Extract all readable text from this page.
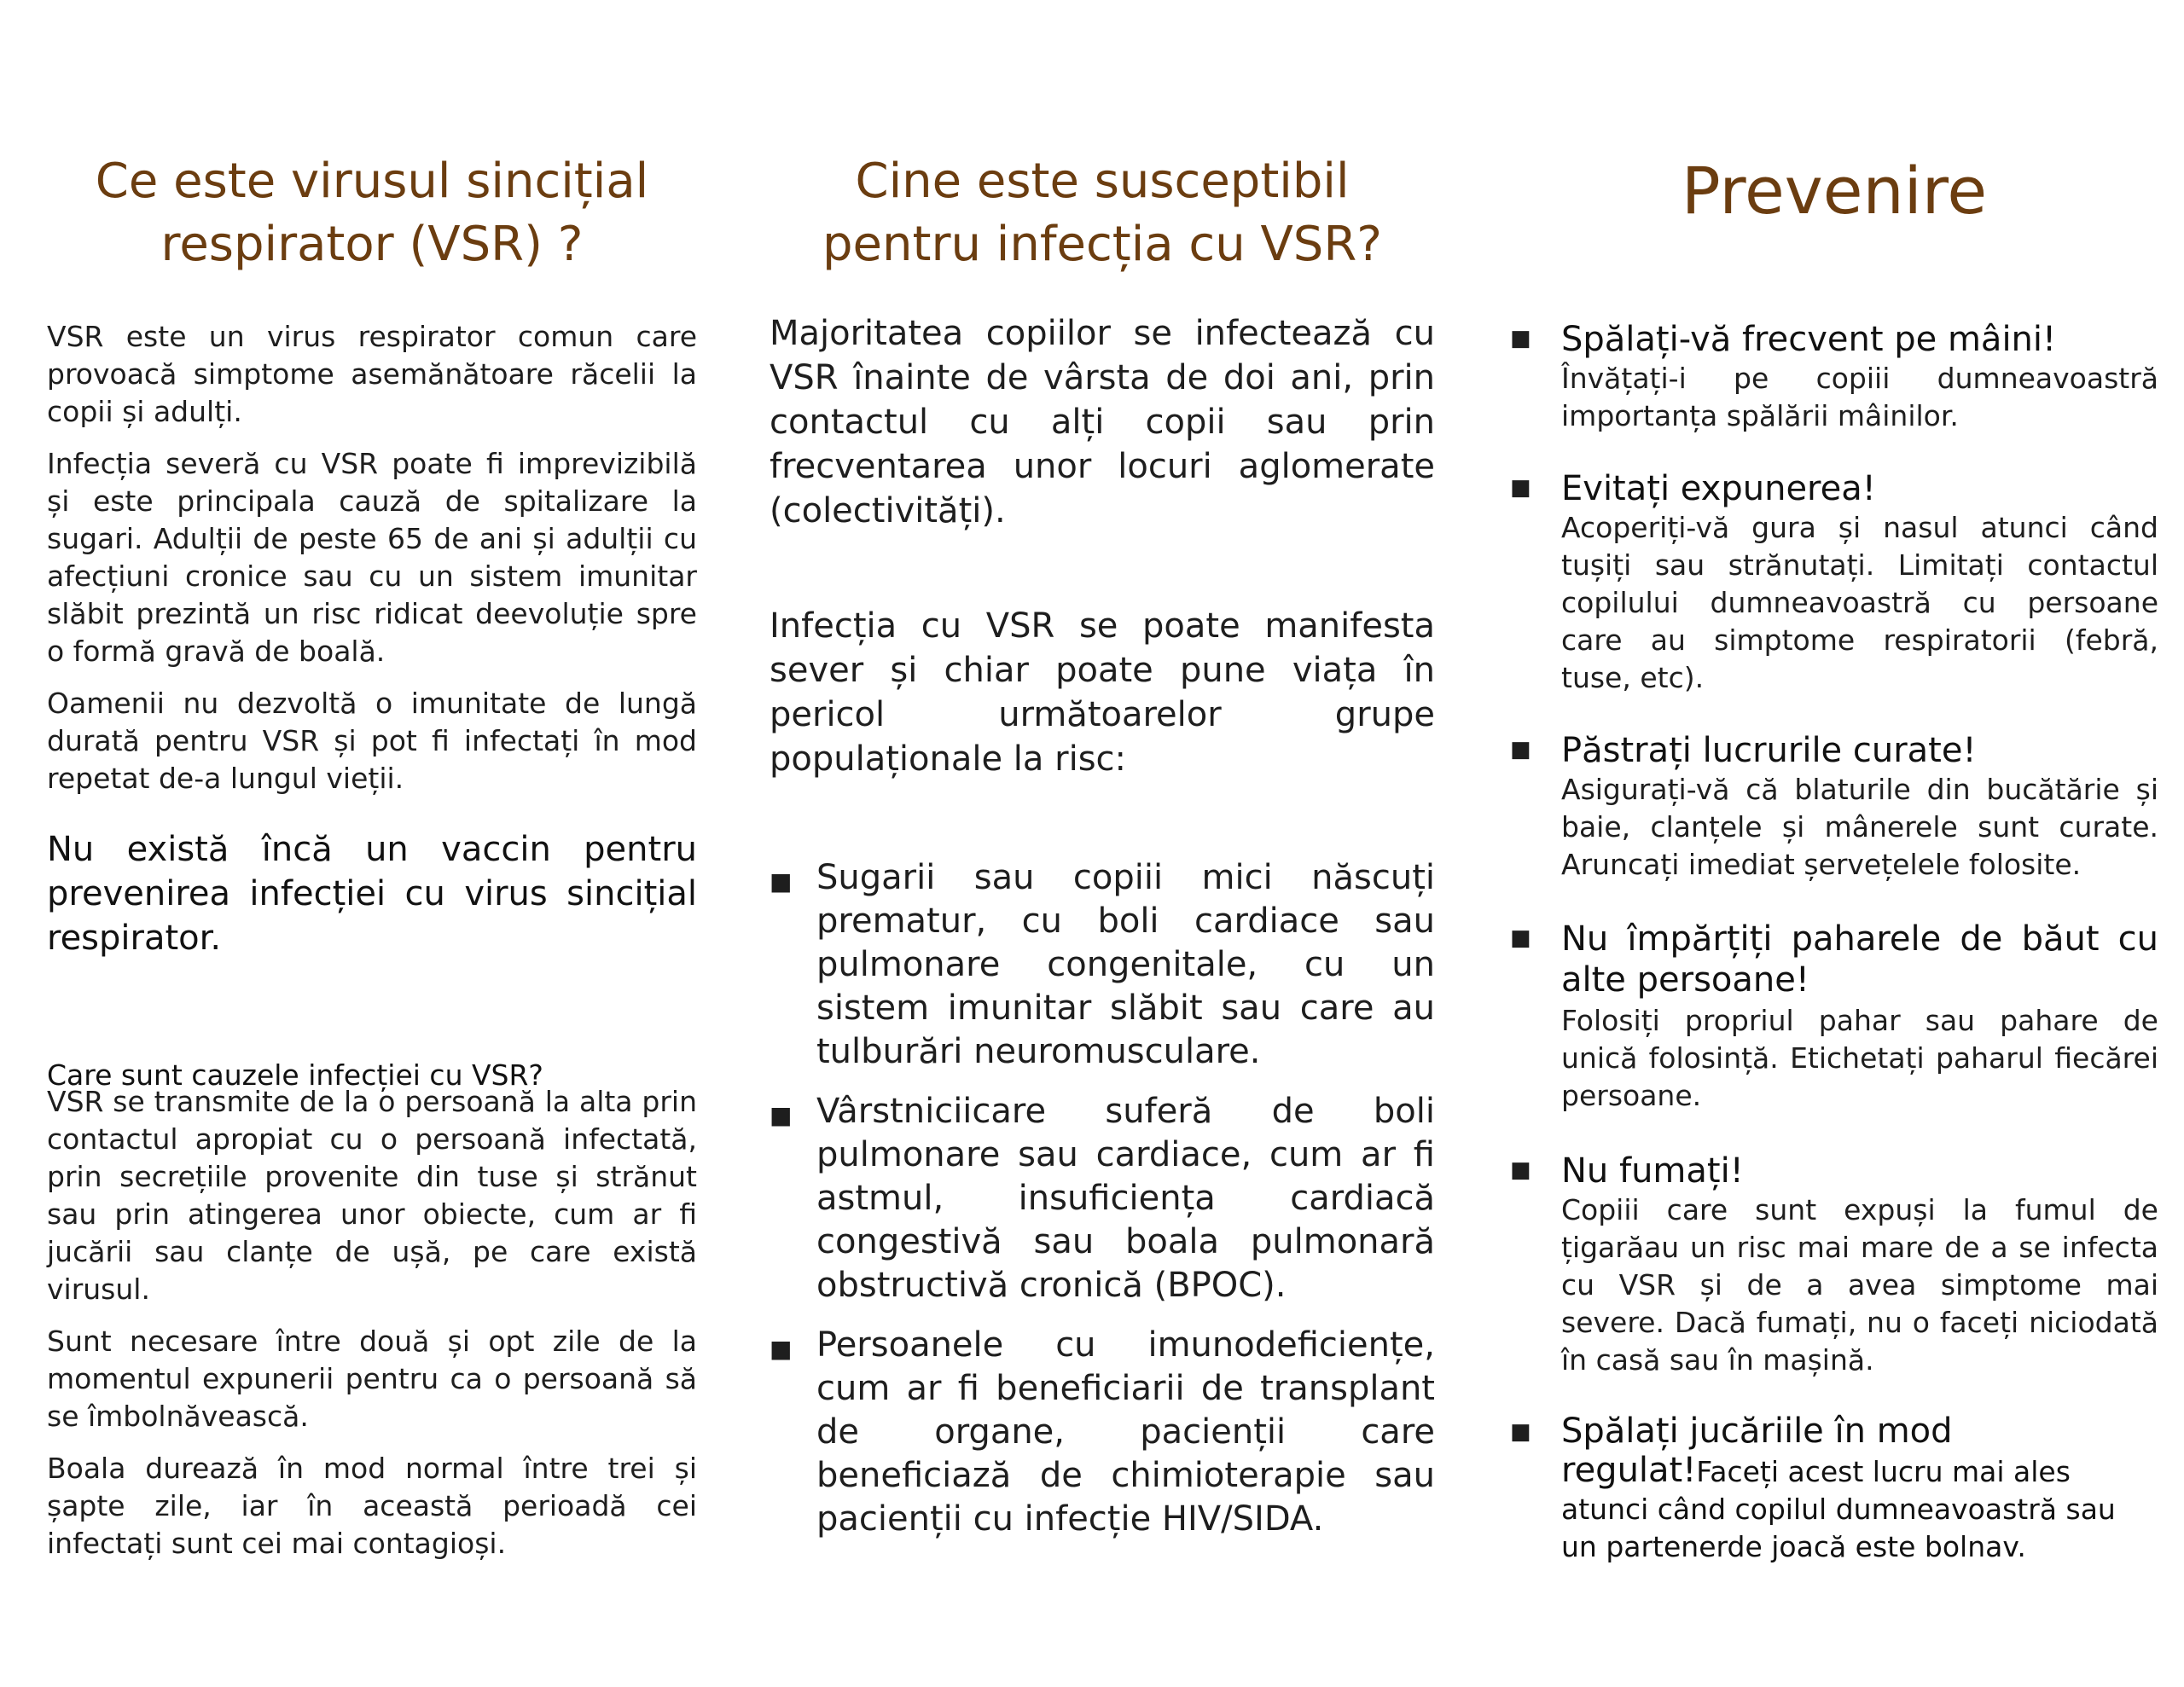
Ce este virusul sincițial respirator (VSR) ?

VSR este un virus respirator comun care provoacă simptome asemănătoare răcelii la copii și adulți.

Infecția severă cu VSR poate fi imprevizibilă și este principala cauză de spitalizare la sugari. Adulții de peste 65 de ani și adulții cu afecțiuni cronice sau cu un sistem imunitar slăbit prezintă un risc ridicat deevoluție spre o formă gravă de boală.

Oamenii nu dezvoltă o imunitate de lungă durată pentru VSR și pot fi infectați în mod repetat de-a lungul vieții.

Nu există încă un vaccin pentru prevenirea infecției cu virus sincițial respirator.

Care sunt cauzele infecției cu VSR?

VSR se transmite de la o persoană la alta prin contactul apropiat cu o persoană infectată, prin secrețiile provenite din tuse și strănut sau prin atingerea unor obiecte, cum ar fi jucării sau clanțe de ușă, pe care există virusul.

Sunt necesare între două și opt zile de la momentul expunerii pentru ca o persoană să se îmbolnăvească.

Boala durează în mod normal între trei și șapte zile, iar în această perioadă cei infectați sunt cei mai contagioși.

Cine este susceptibil pentru infecția cu VSR?

Majoritatea copiilor se infectează cu VSR înainte de vârsta de doi ani, prin contactul cu alți copii sau prin frecventarea unor locuri aglomerate (colectivități).

Infecția cu VSR se poate manifesta sever și chiar poate pune viața în pericol următoarelor grupe populaționale la risc:

■ Sugarii sau copiii mici născuți prematur, cu boli cardiace sau pulmonare congenitale, cu un sistem imunitar slăbit sau care au tulburări neuromusculare.
■ Vârstniciicare suferă de boli pulmonare sau cardiace, cum ar fi astmul, insuficiența cardiacă congestivă sau boala pulmonară obstructivă cronică (BPOC).
■ Persoanele cu imunodeficiențe, cum ar fi beneficiarii de transplant de organe, pacienții care beneficiază de chimioterapie sau pacienții cu infecție HIV/SIDA.
Prevenire
■ Spălați-vă frecvent pe mâini!
Învățați-i pe copiii dumneavoastră importanța spălării mâinilor.
■ Evitați expunerea!
Acoperiți-vă gura și nasul atunci când tușiți sau strănutați. Limitați contactul copilului dumneavoastră cu persoane care au simptome respiratorii (febră, tuse, etc).
■ Păstrați lucrurile curate!
Asigurați-vă că blaturile din bucătărie și baie, clanțele și mânerele sunt curate. Aruncați imediat șervețelele folosite.
■ Nu împărțiți paharele de băut cu alte persoane!
Folosiți propriul pahar sau pahare de unică folosință. Etichetați paharul fiecărei persoane.
■ Nu fumați!
Copiii care sunt expuși la fumul de țigarăau un risc mai mare de a se infecta cu VSR și de a avea simptome mai severe. Dacă fumați, nu o faceți niciodată în casă sau în mașină.
■ Spălați jucăriile în mod regulat!Faceți acest lucru mai ales atunci când copilul dumneavoastră sau un partenerde joacă este bolnav.
